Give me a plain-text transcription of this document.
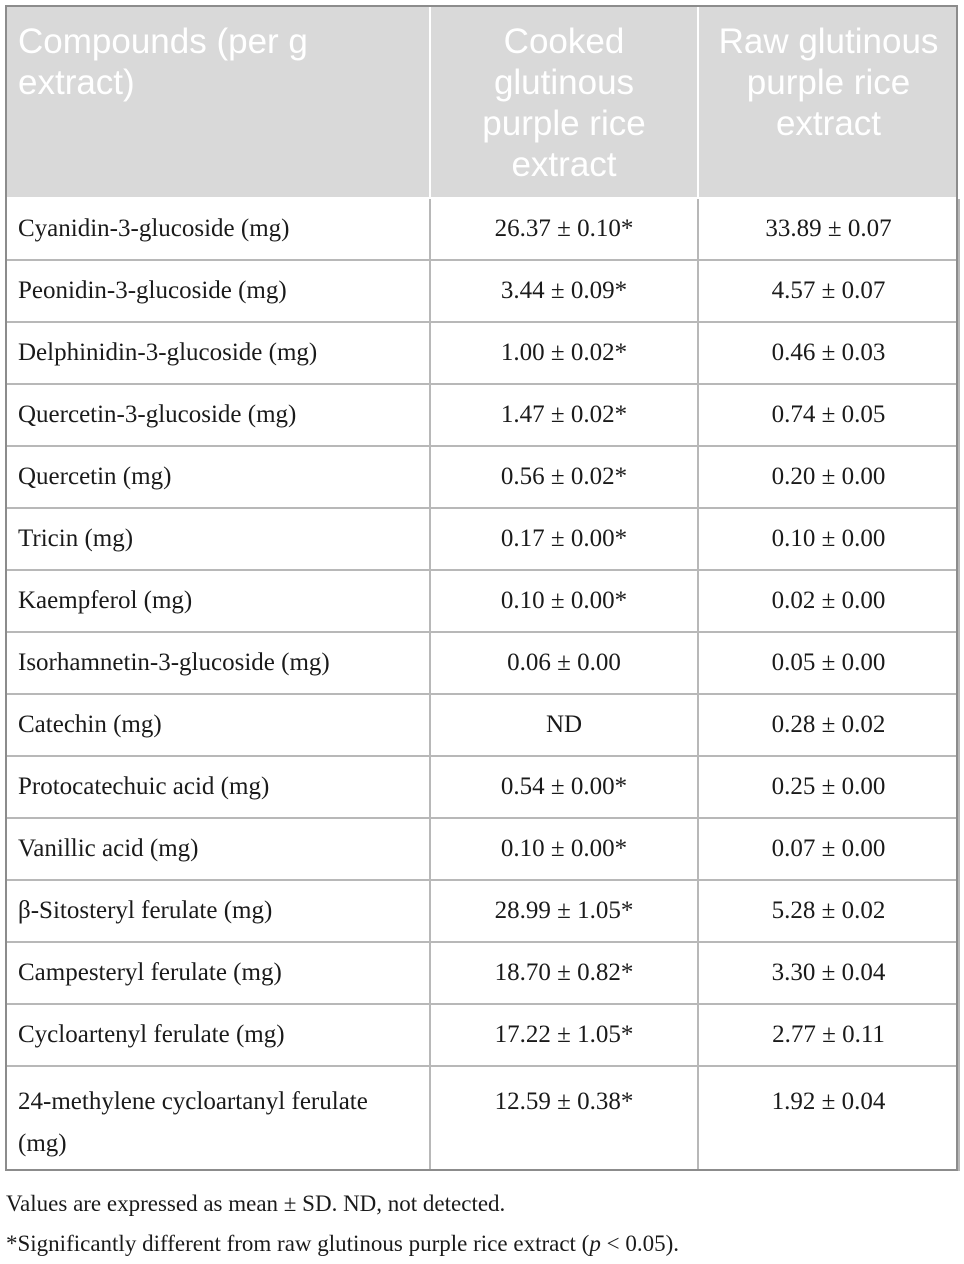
Compounds (per g extract)	Cooked glutinous purple rice extract	Raw glutinous purple rice extract
Cyanidin-3-glucoside (mg)	26.37 ± 0.10*	33.89 ± 0.07
Peonidin-3-glucoside (mg)	3.44 ± 0.09*	4.57 ± 0.07
Delphinidin-3-glucoside (mg)	1.00 ± 0.02*	0.46 ± 0.03
Quercetin-3-glucoside (mg)	1.47 ± 0.02*	0.74 ± 0.05
Quercetin (mg)	0.56 ± 0.02*	0.20 ± 0.00
Tricin (mg)	0.17 ± 0.00*	0.10 ± 0.00
Kaempferol (mg)	0.10 ± 0.00*	0.02 ± 0.00
Isorhamnetin-3-glucoside (mg)	0.06 ± 0.00	0.05 ± 0.00
Catechin (mg)	ND	0.28 ± 0.02
Protocatechuic acid (mg)	0.54 ± 0.00*	0.25 ± 0.00
Vanillic acid (mg)	0.10 ± 0.00*	0.07 ± 0.00
β-Sitosteryl ferulate (mg)	28.99 ± 1.05*	5.28 ± 0.02
Campesteryl ferulate (mg)	18.70 ± 0.82*	3.30 ± 0.04
Cycloartenyl ferulate (mg)	17.22 ± 1.05*	2.77 ± 0.11
24-methylene cycloartanyl ferulate (mg)	12.59 ± 0.38*	1.92 ± 0.04

Values are expressed as mean ± SD. ND, not detected.

*Significantly different from raw glutinous purple rice extract (p < 0.05).
